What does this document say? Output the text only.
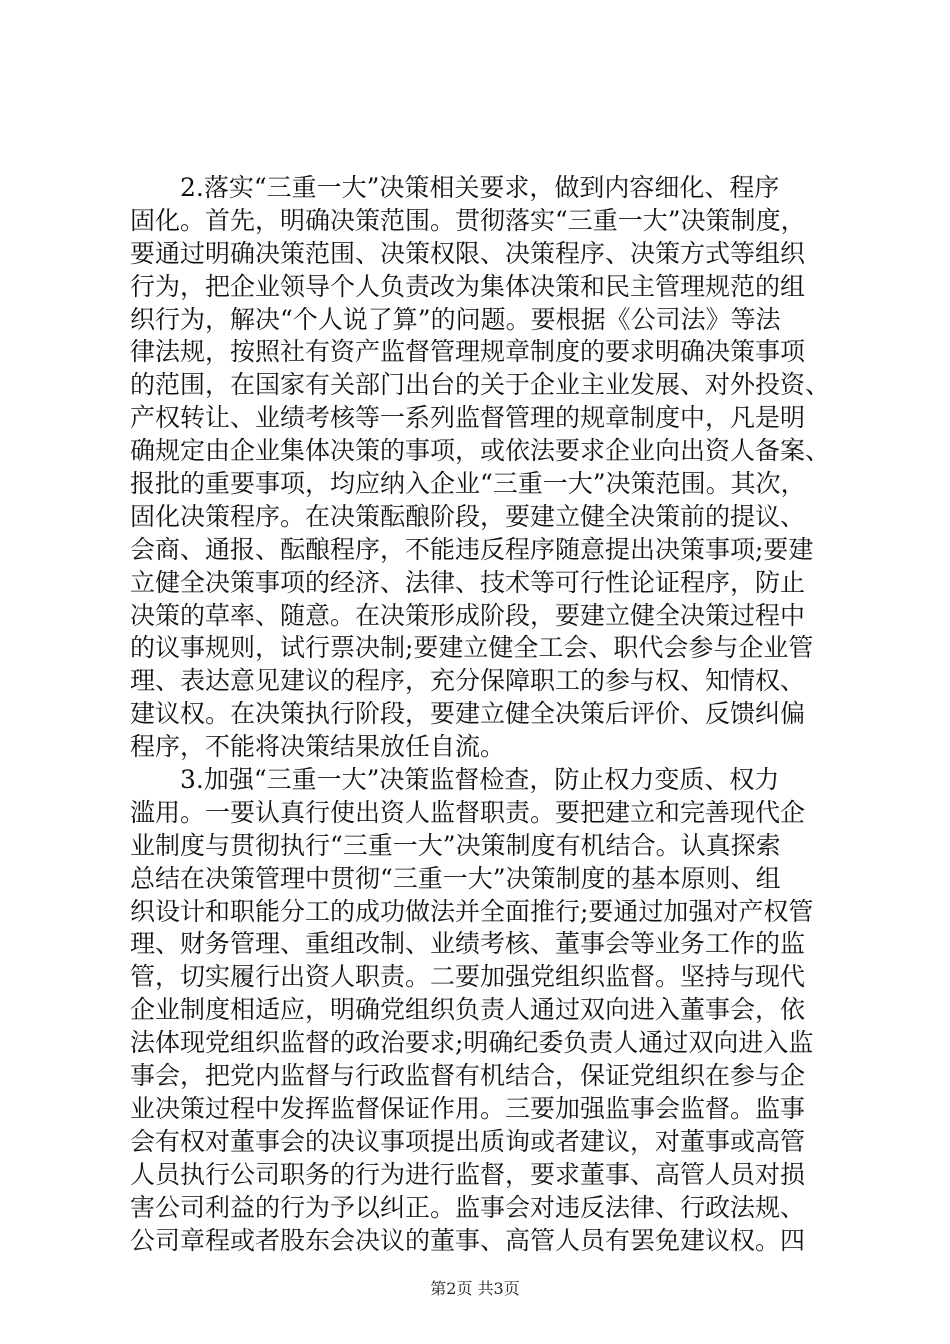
　　2.落实“三重一大”决策相关要求，做到内容细化、程序
固化。首先，明确决策范围。贯彻落实“三重一大”决策制度，
要通过明确决策范围、决策权限、决策程序、决策方式等组织
行为，把企业领导个人负责改为集体决策和民主管理规范的组
织行为，解决“个人说了算”的问题。要根据《公司法》等法
律法规，按照社有资产监督管理规章制度的要求明确决策事项
的范围，在国家有关部门出台的关于企业主业发展、对外投资、
产权转让、业绩考核等一系列监督管理的规章制度中，凡是明
确规定由企业集体决策的事项，或依法要求企业向出资人备案、
报批的重要事项，均应纳入企业“三重一大”决策范围。其次，
固化决策程序。在决策酝酿阶段，要建立健全决策前的提议、
会商、通报、酝酿程序，不能违反程序随意提出决策事项;要建
立健全决策事项的经济、法律、技术等可行性论证程序，防止
决策的草率、随意。在决策形成阶段，要建立健全决策过程中
的议事规则，试行票决制;要建立健全工会、职代会参与企业管
理、表达意见建议的程序，充分保障职工的参与权、知情权、
建议权。在决策执行阶段，要建立健全决策后评价、反馈纠偏
程序，不能将决策结果放任自流。
　　3.加强“三重一大”决策监督检查，防止权力变质、权力
滥用。一要认真行使出资人监督职责。要把建立和完善现代企
业制度与贯彻执行“三重一大”决策制度有机结合。认真探索
总结在决策管理中贯彻“三重一大”决策制度的基本原则、组
织设计和职能分工的成功做法并全面推行;要通过加强对产权管
理、财务管理、重组改制、业绩考核、董事会等业务工作的监
管，切实履行出资人职责。二要加强党组织监督。坚持与现代
企业制度相适应，明确党组织负责人通过双向进入董事会，依
法体现党组织监督的政治要求;明确纪委负责人通过双向进入监
事会，把党内监督与行政监督有机结合，保证党组织在参与企
业决策过程中发挥监督保证作用。三要加强监事会监督。监事
会有权对董事会的决议事项提出质询或者建议，对董事或高管
人员执行公司职务的行为进行监督，要求董事、高管人员对损
害公司利益的行为予以纠正。监事会对违反法律、行政法规、
公司章程或者股东会决议的董事、高管人员有罢免建议权。四
第2页 共3页
